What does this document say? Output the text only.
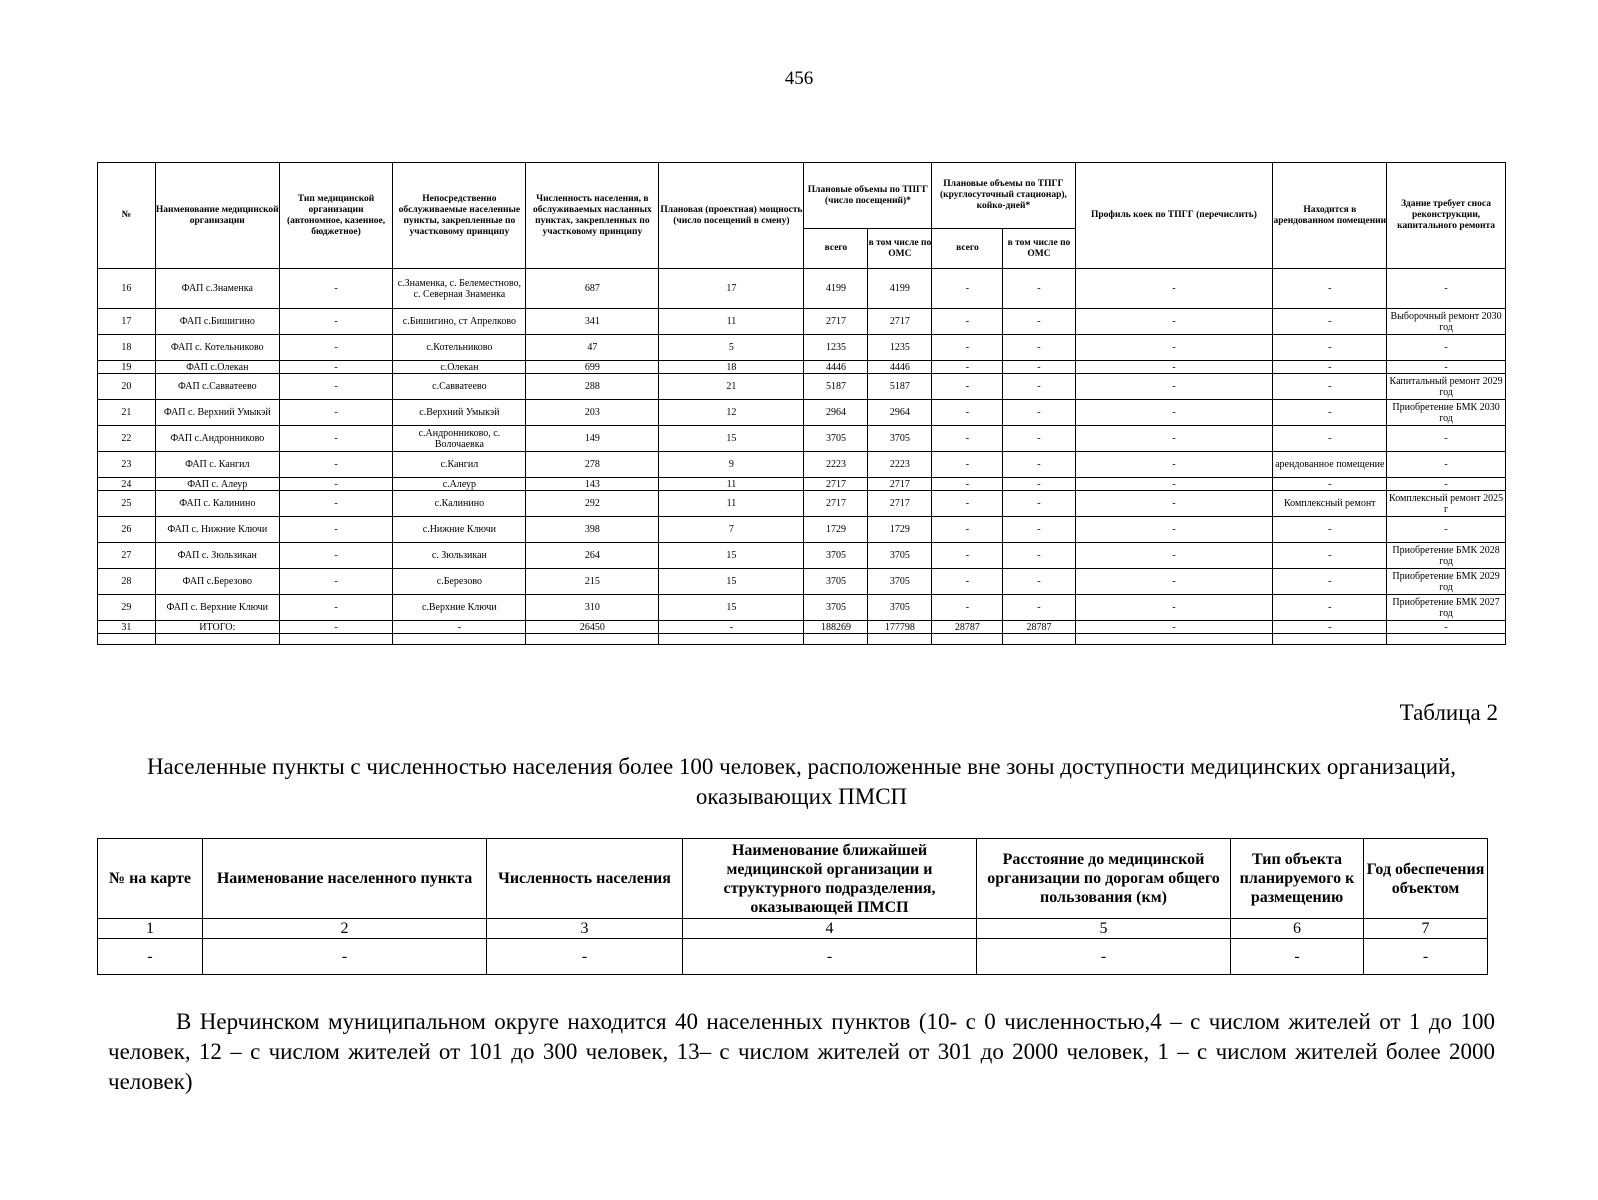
456
№	Наименование медицинской организации	Тип медицинской организации (автономное, казенное, бюджетное)	Непосредственно обслуживаемые населенные пункты, закрепленные по участковому принципу	Численность населения, в обслуживаемых насланных пунктах, закрепленных по участковому принципу	Плановая (проектная) мощность (число посещений в смену)	Плановые объемы по ТПГГ (число посещений)*		Плановые объемы по ТПГГ (круглосуточный стационар), койко-дней*		Профиль коек по ТПГГ (перечислить)	Находится в арендованном помещении	Здание требует сноса реконструкции, капитального ремонта
						всего	в том числе по ОМС	всего	в том числе по ОМС			
16	ФАП с.Знаменка	-	с.Знаменка, с. Белеместново, с. Северная Знаменка	687	17	4199	4199	-	-	-	-	-
17	ФАП с.Бишигино	-	с.Бишигино, ст Апрелково	341	11	2717	2717	-	-	-	-	Выборочный ремонт 2030 год
18	ФАП с. Котельниково	-	с.Котельниково	47	5	1235	1235	-	-	-	-	-
19	ФАП с.Олекан	-	с.Олекан	699	18	4446	4446	-	-	-	-	-
20	ФАП с.Савватеево	-	с.Савватеево	288	21	5187	5187	-	-	-	-	Капитальный ремонт 2029 год
21	ФАП с. Верхний Умыкэй	-	с.Верхний Умыкэй	203	12	2964	2964	-	-	-	-	Приобретение БМК 2030 год
22	ФАП с.Андронниково	-	с.Андронниково, с. Волочаевка	149	15	3705	3705	-	-	-	-	-
23	ФАП с. Кангил	-	с.Кангил	278	9	2223	2223	-	-	-	арендованное помещение	-
24	ФАП с. Алеур	-	с.Алеур	143	11	2717	2717	-	-	-	-	-
25	ФАП с. Калинино	-	с.Калинино	292	11	2717	2717	-	-	-	Комплексный ремонт	Комплексный ремонт 2025 г
26	ФАП с. Нижние Ключи	-	с.Нижние Ключи	398	7	1729	1729	-	-	-	-	-
27	ФАП с. Зюльзикан	-	с. Зюльзикан	264	15	3705	3705	-	-	-	-	Приобретение БМК 2028 год
28	ФАП с.Березово	-	с.Березово	215	15	3705	3705	-	-	-	-	Приобретение БМК 2029 год
29	ФАП с. Верхние Ключи	-	с.Верхние Ключи	310	15	3705	3705	-	-	-	-	Приобретение БМК 2027 год
31	ИТОГО:	-	-	26450	-	188269	177798	28787	28787	-	-	-

Таблица 2
Населенные пункты с численностью населения более 100 человек, расположенные вне зоны доступности медицинских организаций, оказывающих ПМСП
№ на карте	Наименование населенного пункта	Численность населения	Наименование ближайшей медицинской организации и структурного подразделения, оказывающей ПМСП	Расстояние до медицинской организации по дорогам общего пользования (км)	Тип объекта планируемого к размещению	Год обеспечения объектом
1	2	3	4	5	6	7
-	-	-	-	-	-	-
В Нерчинском муниципальном округе находится 40 населенных пунктов (10- с 0 численностью,4 – с числом жителей от 1 до 100 человек, 12 – с числом жителей от 101 до 300 человек, 13– с числом жителей от 301 до 2000 человек, 1 – с числом жителей более 2000 человек)
